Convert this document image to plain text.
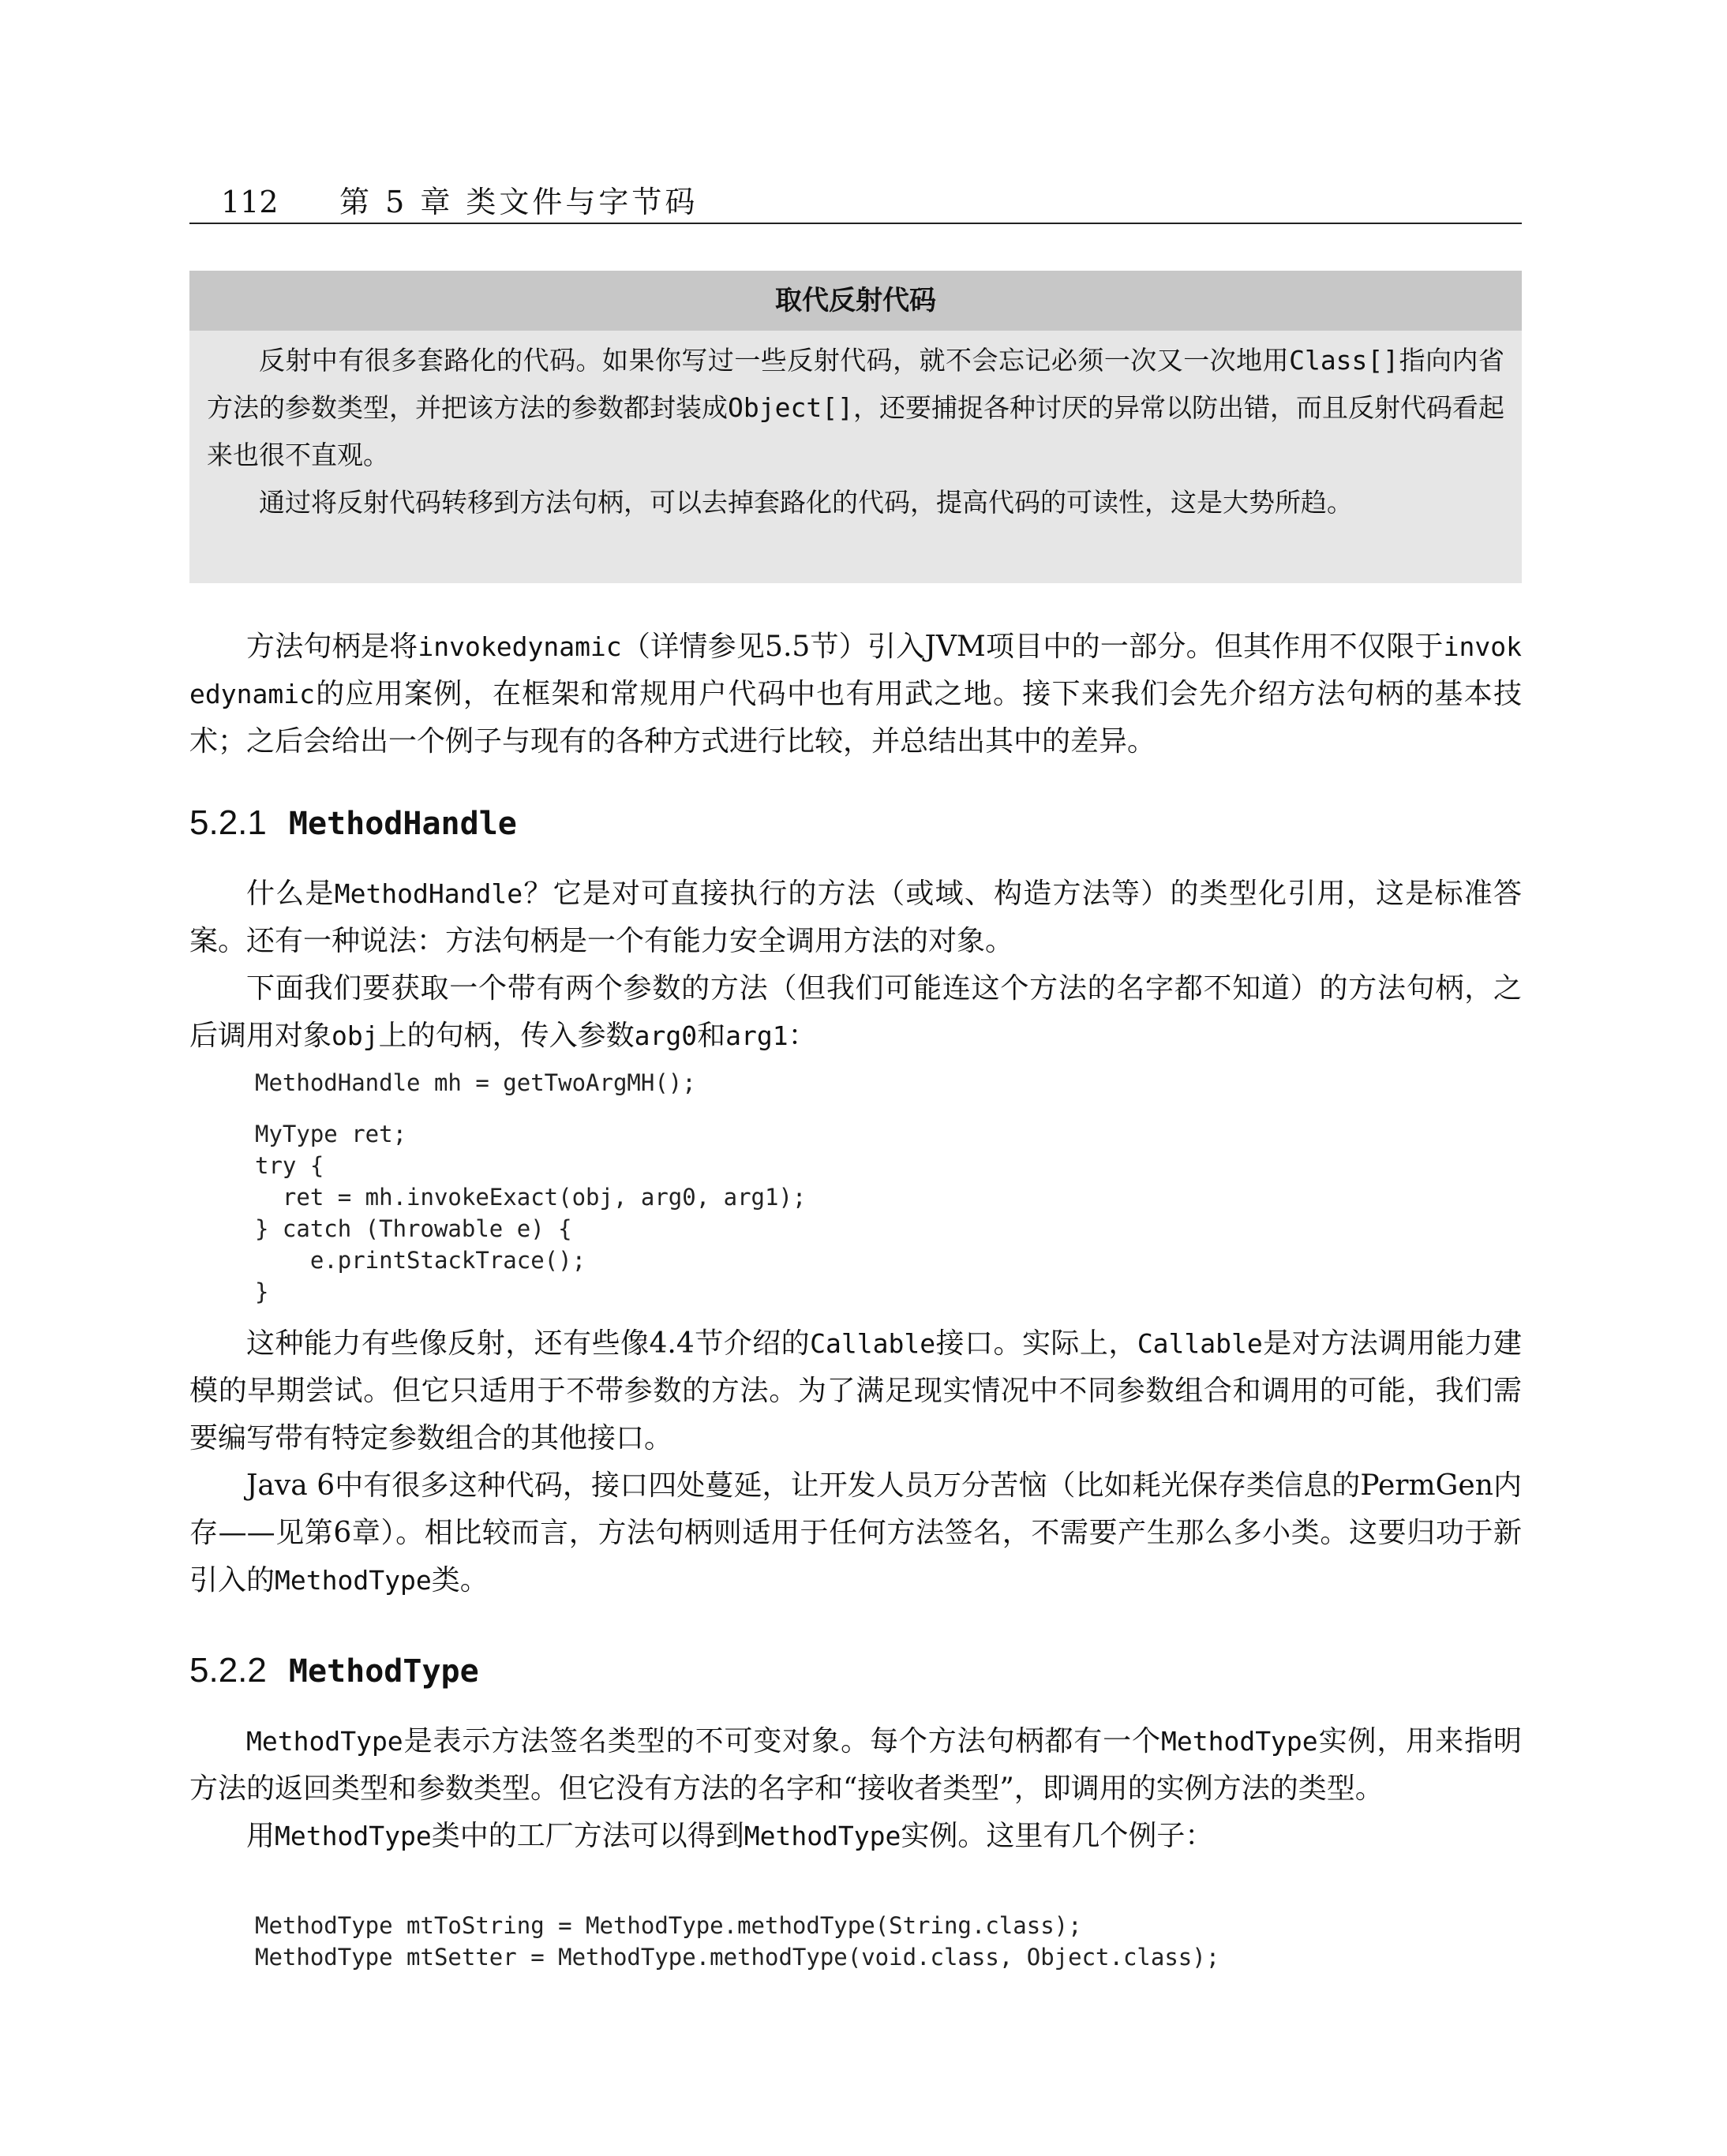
112 第 5 章 类文件与字节码
取代反射代码

反射中有很多套路化的代码。如果你写过一些反射代码，就不会忘记必须一次又一次地用Class[]指向内省方法的参数类型，并把该方法的参数都封装成Object[]，还要捕捉各种讨厌的异常以防出错，而且反射代码看起来也很不直观。

通过将反射代码转移到方法句柄，可以去掉套路化的代码，提高代码的可读性，这是大势所趋。

方法句柄是将invokedynamic（详情参见5.5节）引入JVM项目中的一部分。但其作用不仅限于invokedynamic的应用案例，在框架和常规用户代码中也有用武之地。接下来我们会先介绍方法句柄的基本技术；之后会给出一个例子与现有的各种方式进行比较，并总结出其中的差异。

5.2.1 MethodHandle

什么是MethodHandle？它是对可直接执行的方法（或域、构造方法等）的类型化引用，这是标准答案。还有一种说法：方法句柄是一个有能力安全调用方法的对象。

下面我们要获取一个带有两个参数的方法（但我们可能连这个方法的名字都不知道）的方法句柄，之后调用对象obj上的句柄，传入参数arg0和arg1：

MethodHandle mh = getTwoArgMH();
MyType ret;
try {
ret = mh.invokeExact(obj, arg0, arg1);
} catch (Throwable e) {
e.printStackTrace();
}

这种能力有些像反射，还有些像4.4节介绍的Callable接口。实际上，Callable是对方法调用能力建模的早期尝试。但它只适用于不带参数的方法。为了满足现实情况中不同参数组合和调用的可能，我们需要编写带有特定参数组合的其他接口。

Java 6中有很多这种代码，接口四处蔓延，让开发人员万分苦恼（比如耗光保存类信息的PermGen内存——见第6章）。相比较而言，方法句柄则适用于任何方法签名，不需要产生那么多小类。这要归功于新引入的MethodType类。

5.2.2 MethodType

MethodType是表示方法签名类型的不可变对象。每个方法句柄都有一个MethodType实例，用来指明方法的返回类型和参数类型。但它没有方法的名字和“接收者类型”，即调用的实例方法的类型。

用MethodType类中的工厂方法可以得到MethodType实例。这里有几个例子：

MethodType mtToString = MethodType.methodType(String.class);
MethodType mtSetter = MethodType.methodType(void.class, Object.class);
